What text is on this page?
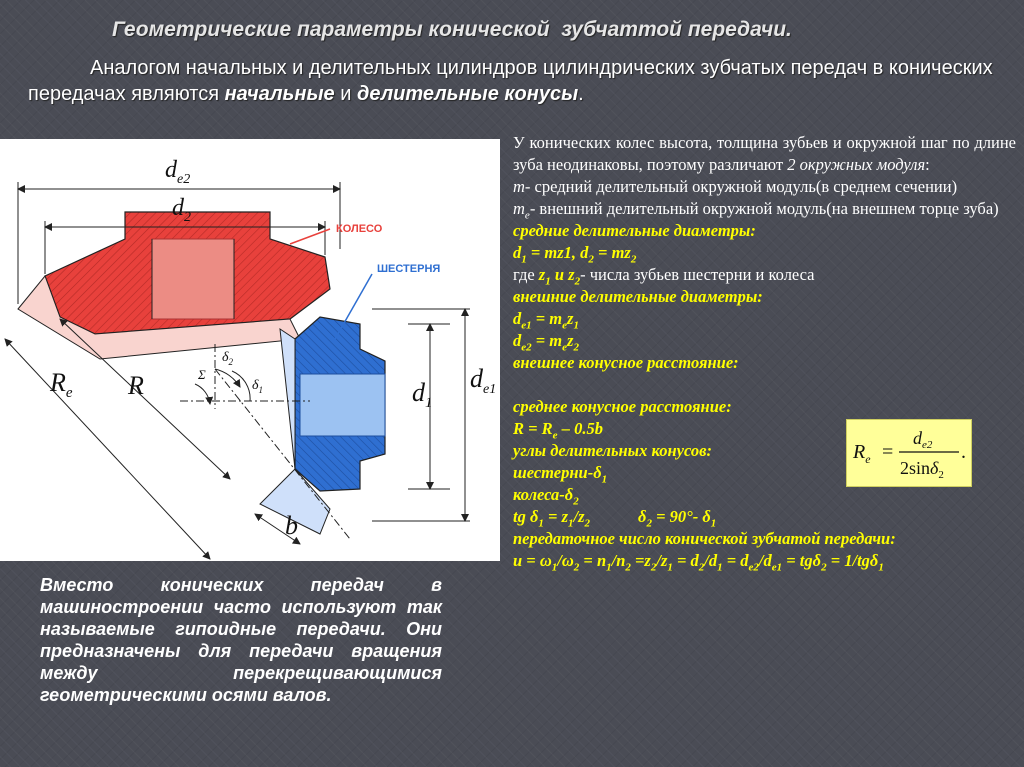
Геометрические параметры конической  зубчаттой передачи.
Аналогом начальных и делительных цилиндров цилиндрических зубчатых передач в конических передачах являются начальные и делительные конусы.
$d_{e2}$
$d_2$
$R_e$ R	$d_1$
$d_{e1}$
b
$\delta_2$
$\delta_1$
Σ
КОЛЕСО
ШЕСТЕРНЯ
Вместо конических передач в машиностроении часто используют так называемые гипоидные передачи. Они предназначены для передачи вращения между перекрещивающимися геометрическими осями валов.

У конических колес высота, толщина зубьев и окружной шаг по длине зуба неодинаковы, поэтому различают 2 окружных модуля:

m- средний делительный окружной модуль(в среднем сечении)

$m_e-$ внешний делительный окружной модуль(на внешнем торце зуба)

средние делительные диаметры:

$d_1 = mz1$, $d_2 = mz_2$

где $z_1$ и $z_2-$ числа зубьев шестерни и колеса

внешние делительные диаметры:

$d_{e1} = m_ez_1$

$d_{e2} = m_ez_2$

внешнее конусное расстояние:

среднее конусное расстояние:

$R = R_e - 0.5b$

углы делительных конусов:

шестерни-$\delta_1$

колеса-$\delta_2$

tg $\delta_1 = z_1/z_2$	$\delta_2 = 90^\circ-$ $\delta_1$

передаточное число конической зубчатой передачи:

$u = \omega_1/\omega_2 = n_1/n_2 =z_2/z_1 = d_2/d_1 = d_{e2}/d_{e1} = tg\delta_2 = 1/tg\delta_1$

$R_e$ =
$d_{e2}$
2sinδ$_2$
.
